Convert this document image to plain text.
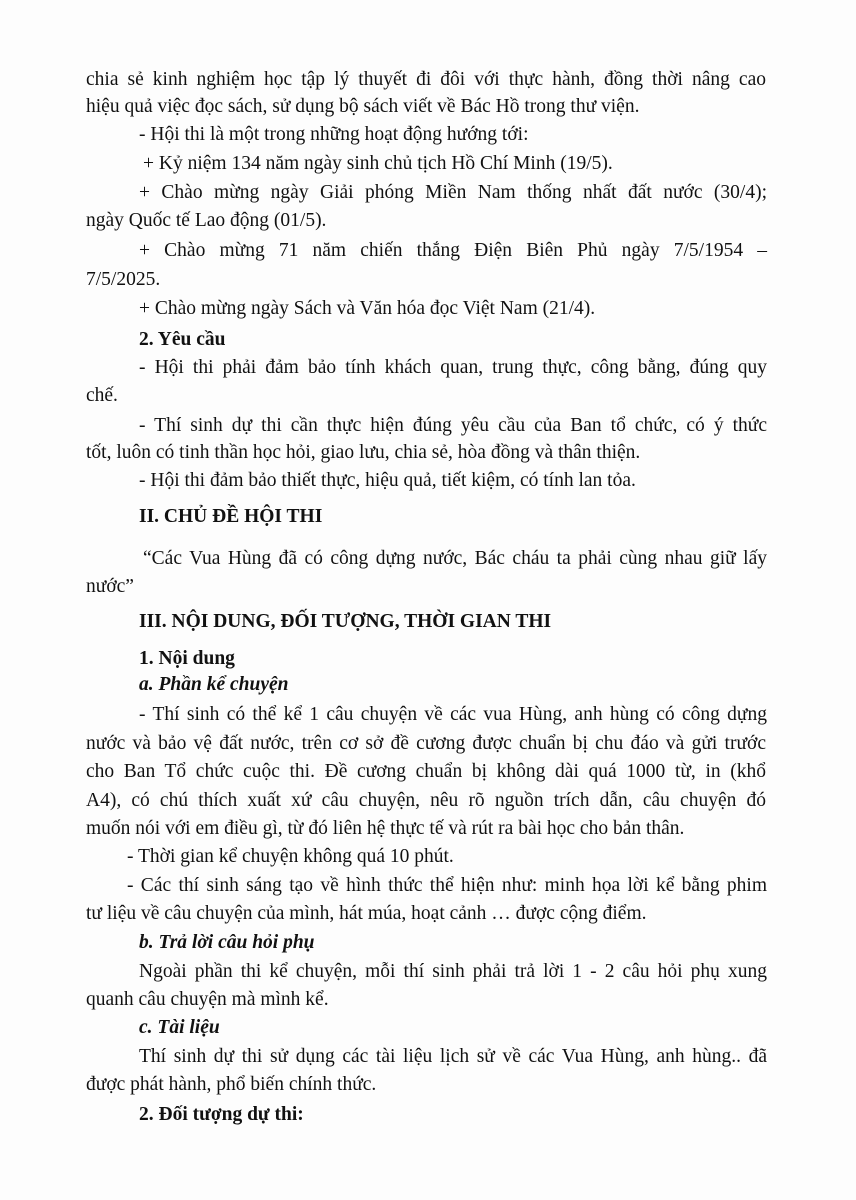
chia sẻ kinh nghiệm học tập lý thuyết đi đôi với thực hành, đồng thời nâng cao
hiệu quả việc đọc sách, sử dụng bộ sách viết về Bác Hồ trong thư viện.
- Hội thi là một trong những hoạt động hướng tới:
+ Kỷ niệm 134 năm ngày sinh chủ tịch Hồ Chí Minh (19/5).
+ Chào mừng ngày Giải phóng Miền Nam thống nhất đất nước (30/4);
ngày Quốc tế Lao động (01/5).
+ Chào mừng 71 năm chiến thắng Điện Biên Phủ ngày 7/5/1954 –
7/5/2025.
+ Chào mừng ngày Sách và Văn hóa đọc Việt Nam (21/4).
2. Yêu cầu
- Hội thi phải đảm bảo tính khách quan, trung thực, công bằng, đúng quy
chế.
- Thí sinh dự thi cần thực hiện đúng yêu cầu của Ban tổ chức, có ý thức
tốt, luôn có tinh thần học hỏi, giao lưu, chia sẻ, hòa đồng và thân thiện.
- Hội thi đảm bảo thiết thực, hiệu quả, tiết kiệm, có tính lan tỏa.
II. CHỦ ĐỀ HỘI THI
“Các Vua Hùng đã có công dựng nước, Bác cháu ta phải cùng nhau giữ lấy
nước”
III. NỘI DUNG, ĐỐI TƯỢNG, THỜI GIAN THI
1. Nội dung
a. Phần kể chuyện
- Thí sinh có thể kể 1 câu chuyện về các vua Hùng, anh hùng có công dựng
nước và bảo vệ đất nước, trên cơ sở đề cương được chuẩn bị chu đáo và gửi trước
cho Ban Tổ chức cuộc thi. Đề cương chuẩn bị không dài quá 1000 từ, in (khổ
A4), có chú thích xuất xứ câu chuyện, nêu rõ nguồn trích dẫn, câu chuyện đó
muốn nói với em điều gì, từ đó liên hệ thực tế và rút ra bài học cho bản thân.
- Thời gian kể chuyện không quá 10 phút.
- Các thí sinh sáng tạo về hình thức thể hiện như: minh họa lời kể bằng phim
tư liệu về câu chuyện của mình, hát múa, hoạt cảnh … được cộng điểm.
b. Trả lời câu hỏi phụ
Ngoài phần thi kể chuyện, mỗi thí sinh phải trả lời 1 - 2 câu hỏi phụ xung
quanh câu chuyện mà mình kể.
c. Tài liệu
Thí sinh dự thi sử dụng các tài liệu lịch sử về các Vua Hùng, anh hùng.. đã
được phát hành, phổ biến chính thức.
2. Đối tượng dự thi:
